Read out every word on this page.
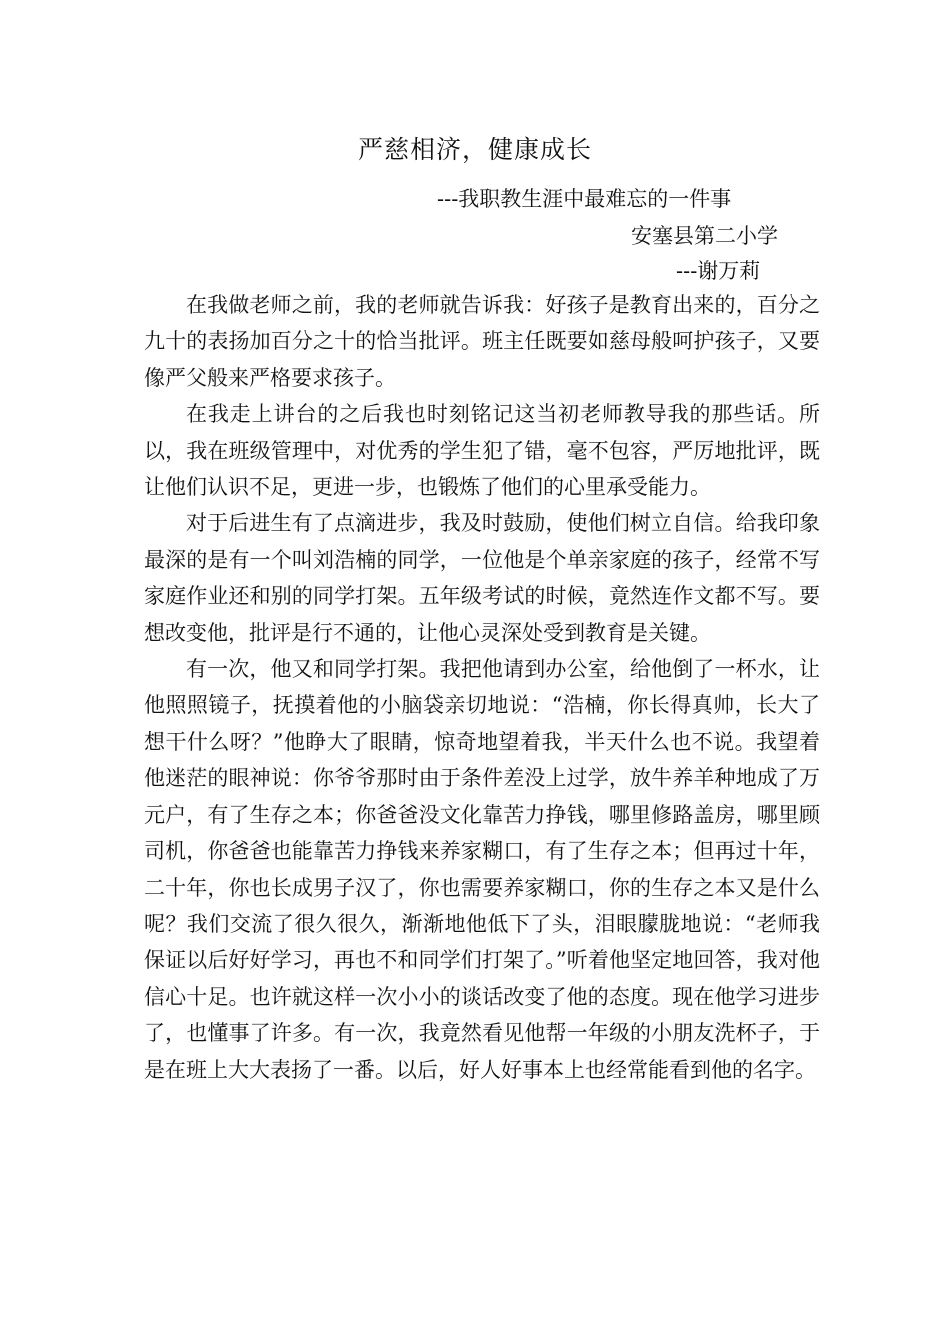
严慈相济，健康成长

---我职教生涯中最难忘的一件事

安塞县第二小学

---谢万莉

在我做老师之前，我的老师就告诉我：好孩子是教育出来的，百分之九十的表扬加百分之十的恰当批评。班主任既要如慈母般呵护孩子，又要像严父般来严格要求孩子。

在我走上讲台的之后我也时刻铭记这当初老师教导我的那些话。所以，我在班级管理中，对优秀的学生犯了错，毫不包容，严厉地批评，既让他们认识不足，更进一步，也锻炼了他们的心里承受能力。

对于后进生有了点滴进步，我及时鼓励，使他们树立自信。给我印象最深的是有一个叫刘浩楠的同学，一位他是个单亲家庭的孩子，经常不写家庭作业还和别的同学打架。五年级考试的时候，竟然连作文都不写。要想改变他，批评是行不通的，让他心灵深处受到教育是关键。

有一次，他又和同学打架。我把他请到办公室，给他倒了一杯水，让他照照镜子，抚摸着他的小脑袋亲切地说：“浩楠，你长得真帅，长大了想干什么呀？”他睁大了眼睛，惊奇地望着我，半天什么也不说。我望着他迷茫的眼神说：你爷爷那时由于条件差没上过学，放牛养羊种地成了万元户，有了生存之本；你爸爸没文化靠苦力挣钱，哪里修路盖房，哪里顾司机，你爸爸也能靠苦力挣钱来养家糊口，有了生存之本；但再过十年，二十年，你也长成男子汉了，你也需要养家糊口，你的生存之本又是什么呢？我们交流了很久很久，渐渐地他低下了头，泪眼朦胧地说：“老师我保证以后好好学习，再也不和同学们打架了。”听着他坚定地回答，我对他信心十足。也许就这样一次小小的谈话改变了他的态度。现在他学习进步了，也懂事了许多。有一次，我竟然看见他帮一年级的小朋友洗杯子，于是在班上大大表扬了一番。以后，好人好事本上也经常能看到他的名字。
